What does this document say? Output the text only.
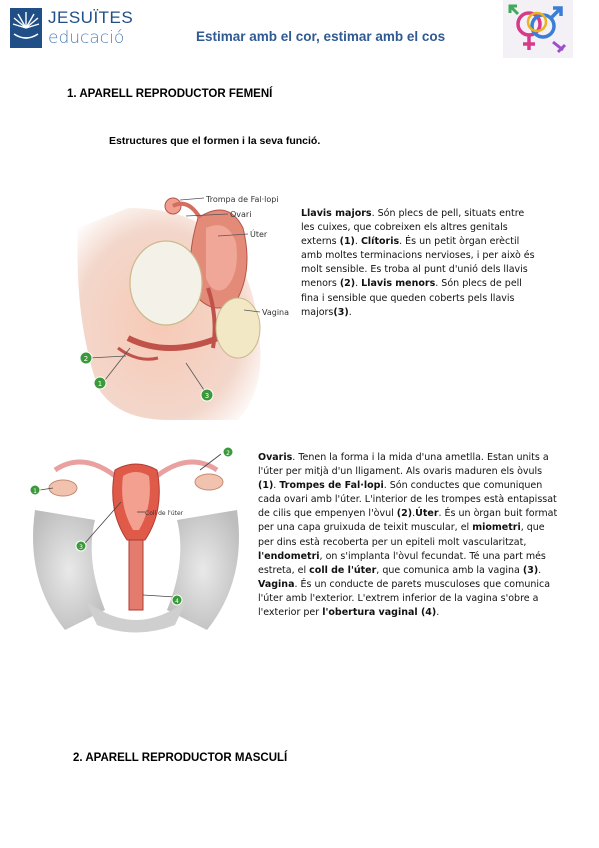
JESUÏTES
educació	Estimar amb el cor, estimar amb el cos
1. APARELL REPRODUCTOR FEMENÍ
Estructures que el formen i la seva funció.
Trompa de Fal·lopi
Ovari
Úter
Vagina
1
2
3
Llavis majors. Són plecs de pell, situats entre les cuixes, que cobreixen els altres genitals externs (1). Clítoris. És un petit òrgan erèctil amb moltes terminacions nervioses, i per això és molt sensible. Es troba al punt d'unió dels llavis menors (2). Llavis menors. Són plecs de pell fina i sensible que queden coberts pels llavis majors(3).
Coll de l'úter
1
2
3
4
Ovaris. Tenen la forma i la mida d'una ametlla. Estan units a l'úter per mitjà d'un lligament. Als ovaris maduren els òvuls (1). Trompes de Fal·lopi. Són conductes que comuniquen cada ovari amb l'úter. L'interior de les trompes està entapissat de cilis que empenyen l'òvul (2).Úter. És un òrgan buit format per una capa gruixuda de teixit muscular, el miometri, que per dins està recoberta per un epiteli molt vascularitzat, l'endometri, on s'implanta l'òvul fecundat. Té una part més estreta, el coll de l'úter, que comunica amb la vagina (3). Vagina. És un conducte de parets musculoses que comunica l'úter amb l'exterior. L'extrem inferior de la vagina s'obre a l'exterior per l'obertura vaginal (4).
2. APARELL REPRODUCTOR MASCULÍ
